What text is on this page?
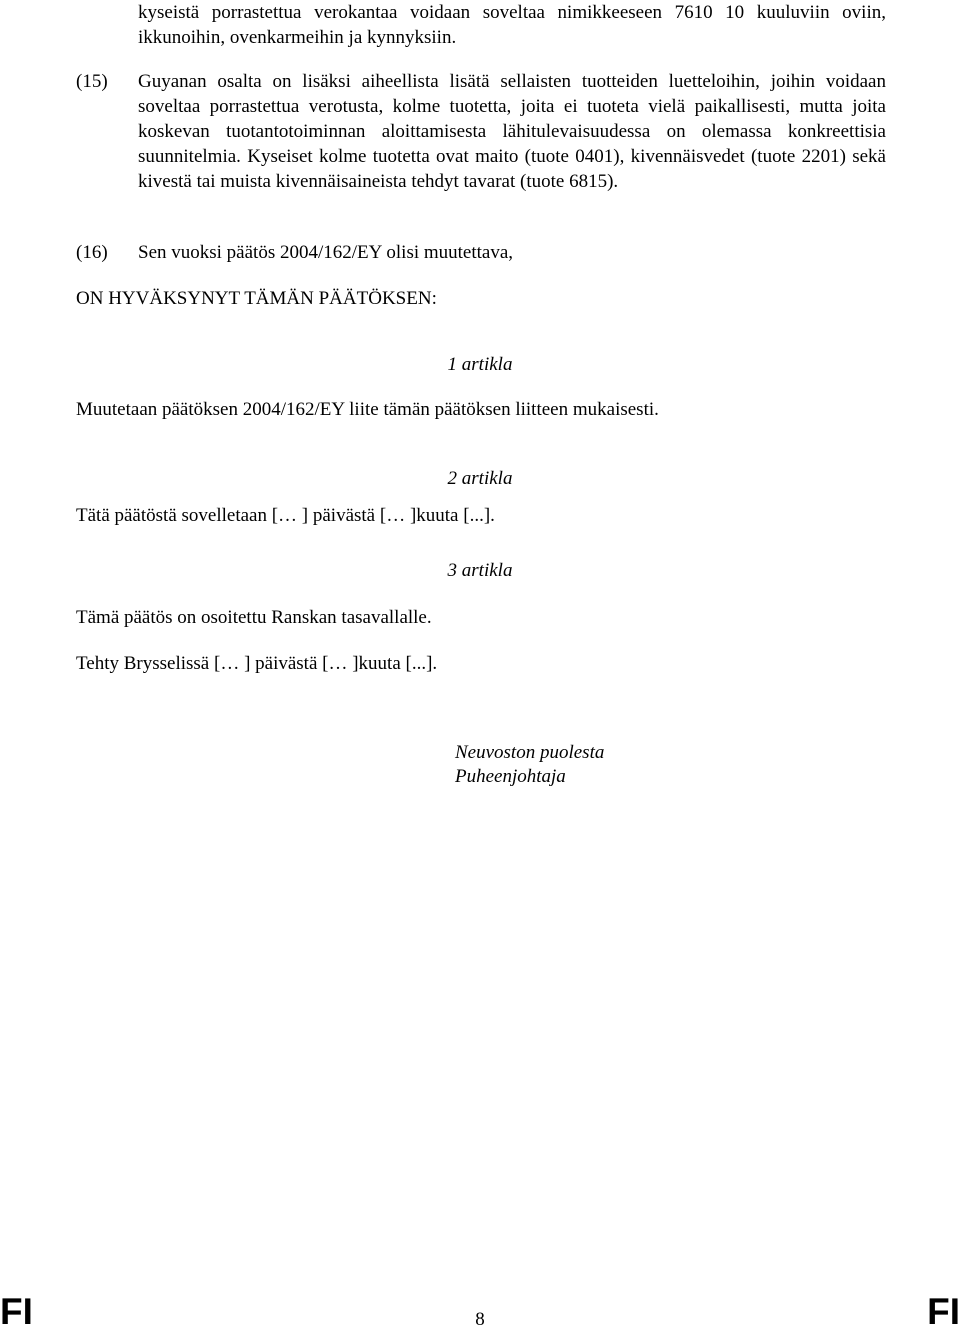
kyseistä porrastettua verokantaa voidaan soveltaa nimikkeeseen 7610 10 kuuluviin oviin, ikkunoihin, ovenkarmeihin ja kynnyksiin.
(15) Guyanan osalta on lisäksi aiheellista lisätä sellaisten tuotteiden luetteloihin, joihin voidaan soveltaa porrastettua verotusta, kolme tuotetta, joita ei tuoteta vielä paikallisesti, mutta joita koskevan tuotantotoiminnan aloittamisesta lähitulevaisuudessa on olemassa konkreettisia suunnitelmia. Kyseiset kolme tuotetta ovat maito (tuote 0401), kivennäisvedet (tuote 2201) sekä kivestä tai muista kivennäisaineista tehdyt tavarat (tuote 6815).
(16) Sen vuoksi päätös 2004/162/EY olisi muutettava,
ON HYVÄKSYNYT TÄMÄN PÄÄTÖKSEN:
1 artikla
Muutetaan päätöksen 2004/162/EY liite tämän päätöksen liitteen mukaisesti.
2 artikla
Tätä päätöstä sovelletaan [… ] päivästä [… ]kuuta [...].
3 artikla
Tämä päätös on osoitettu Ranskan tasavallalle.
Tehty Brysselissä [… ] päivästä [… ]kuuta [...].
Neuvoston puolesta
Puheenjohtaja
FI	8	FI
